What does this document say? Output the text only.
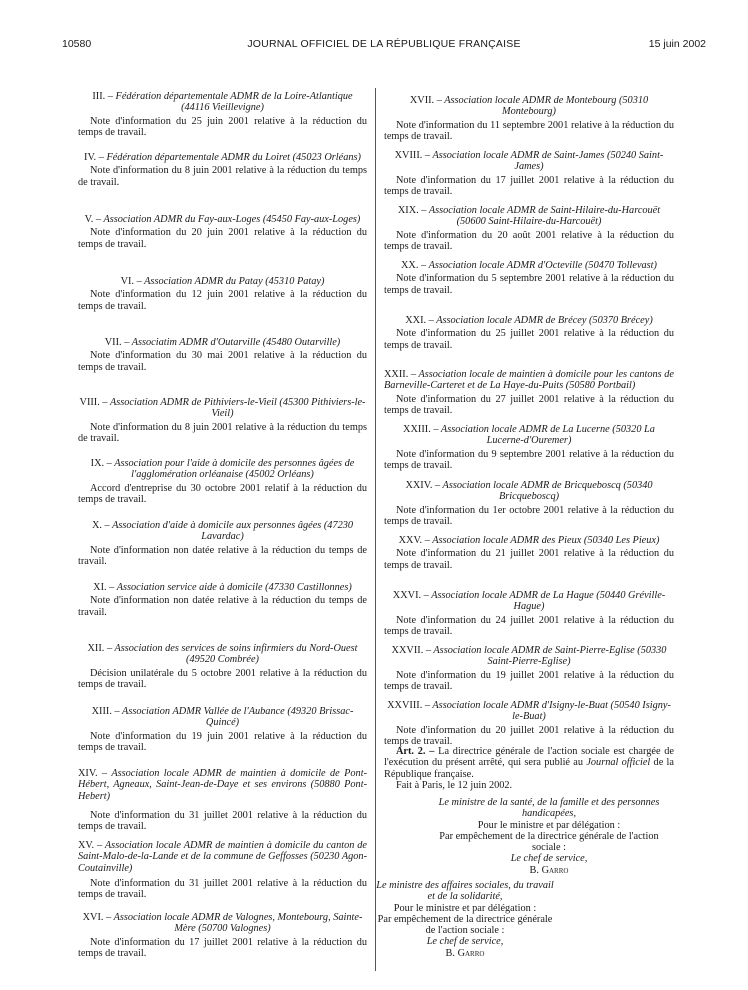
10580	JOURNAL OFFICIEL DE LA RÉPUBLIQUE FRANÇAISE	15 juin 2002

III. – Fédération départementale ADMR de la Loire-Atlantique (44116 Vieillevigne)

Note d'information du 25 juin 2001 relative à la réduction du temps de travail.

IV. – Fédération départementale ADMR du Loiret (45023 Orléans)

Note d'information du 8 juin 2001 relative à la réduction du temps de travail.

V. – Association ADMR du Fay-aux-Loges (45450 Fay-aux-Loges)

Note d'information du 20 juin 2001 relative à la réduction du temps de travail.

VI. – Association ADMR du Patay (45310 Patay)

Note d'information du 12 juin 2001 relative à la réduction du temps de travail.

VII. – Associatim ADMR d'Outarville (45480 Outarville)

Note d'information du 30 mai 2001 relative à la réduction du temps de travail.

VIII. – Association ADMR de Pithiviers-le-Vieil (45300 Pithiviers-le-Vieil)

Note d'information du 8 juin 2001 relative à la réduction du temps de travail.

IX. – Association pour l'aide à domicile des personnes âgées de l'agglomération orléanaise (45002 Orléans)

Accord d'entreprise du 30 octobre 2001 relatif à la réduction du temps de travail.

X. – Association d'aide à domicile aux personnes âgées (47230 Lavardac)

Note d'information non datée relative à la réduction du temps de travail.

XI. – Association service aide à domicile (47330 Castillonnes)

Note d'information non datée relative à la réduction du temps de travail.

XII. – Association des services de soins infirmiers du Nord-Ouest (49520 Combrée)

Décision unilatérale du 5 octobre 2001 relative à la réduction du temps de travail.

XIII. – Association ADMR Vallée de l'Aubance (49320 Brissac-Quincé)

Note d'information du 19 juin 2001 relative à la réduction du temps de travail.

XIV. – Association locale ADMR de maintien à domicile de Pont-Hébert, Agneaux, Saint-Jean-de-Daye et ses environs (50880 Pont-Hebert)

Note d'information du 31 juillet 2001 relative à la réduction du temps de travail.

XV. – Association locale ADMR de maintien à domicile du canton de Saint-Malo-de-la-Lande et de la commune de Geffosses (50230 Agon-Coutainville)

Note d'information du 31 juillet 2001 relative à la réduction du temps de travail.

XVI. – Association locale ADMR de Valognes, Montebourg, Sainte-Mère (50700 Valognes)

Note d'information du 17 juillet 2001 relative à la réduction du temps de travail.

XVII. – Association locale ADMR de Montebourg (50310 Montebourg)

Note d'information du 11 septembre 2001 relative à la réduction du temps de travail.

XVIII. – Association locale ADMR de Saint-James (50240 Saint-James)

Note d'information du 17 juillet 2001 relative à la réduction du temps de travail.

XIX. – Association locale ADMR de Saint-Hilaire-du-Harcouët (50600 Saint-Hilaire-du-Harcouët)

Note d'information du 20 août 2001 relative à la réduction du temps de travail.

XX. – Association locale ADMR d'Octeville (50470 Tollevast)

Note d'information du 5 septembre 2001 relative à la réduction du temps de travail.

XXI. – Association locale ADMR de Brécey (50370 Brécey)

Note d'information du 25 juillet 2001 relative à la réduction du temps de travail.

XXII. – Association locale de maintien à domicile pour les cantons de Barneville-Carteret et de La Haye-du-Puits (50580 Portbail)

Note d'information du 27 juillet 2001 relative à la réduction du temps de travail.

XXIII. – Association locale ADMR de La Lucerne (50320 La Lucerne-d'Ouremer)

Note d'information du 9 septembre 2001 relative à la réduction du temps de travail.

XXIV. – Association locale ADMR de Bricqueboscq (50340 Bricqueboscq)

Note d'information du 1er octobre 2001 relative à la réduction du temps de travail.

XXV. – Association locale ADMR des Pieux (50340 Les Pieux)

Note d'information du 21 juillet 2001 relative à la réduction du temps de travail.

XXVI. – Association locale ADMR de La Hague (50440 Gréville-Hague)

Note d'information du 24 juillet 2001 relative à la réduction du temps de travail.

XXVII. – Association locale ADMR de Saint-Pierre-Eglise (50330 Saint-Pierre-Eglise)

Note d'information du 19 juillet 2001 relative à la réduction du temps de travail.

XXVIII. – Association locale ADMR d'Isigny-le-Buat (50540 Isigny-le-Buat)

Note d'information du 20 juillet 2001 relative à la réduction du temps de travail.

Art. 2. – La directrice générale de l'action sociale est chargée de l'exécution du présent arrêté, qui sera publié au Journal officiel de la République française.

Fait à Paris, le 12 juin 2002.

Le ministre de la santé, de la famille et des personnes handicapées,

Pour le ministre et par délégation :

Par empêchement de la directrice générale de l'action sociale :

Le chef de service,

B. Garro

Le ministre des affaires sociales, du travail et de la solidarité,

Pour le ministre et par délégation :

Par empêchement de la directrice générale de l'action sociale :

Le chef de service,

B. Garro
